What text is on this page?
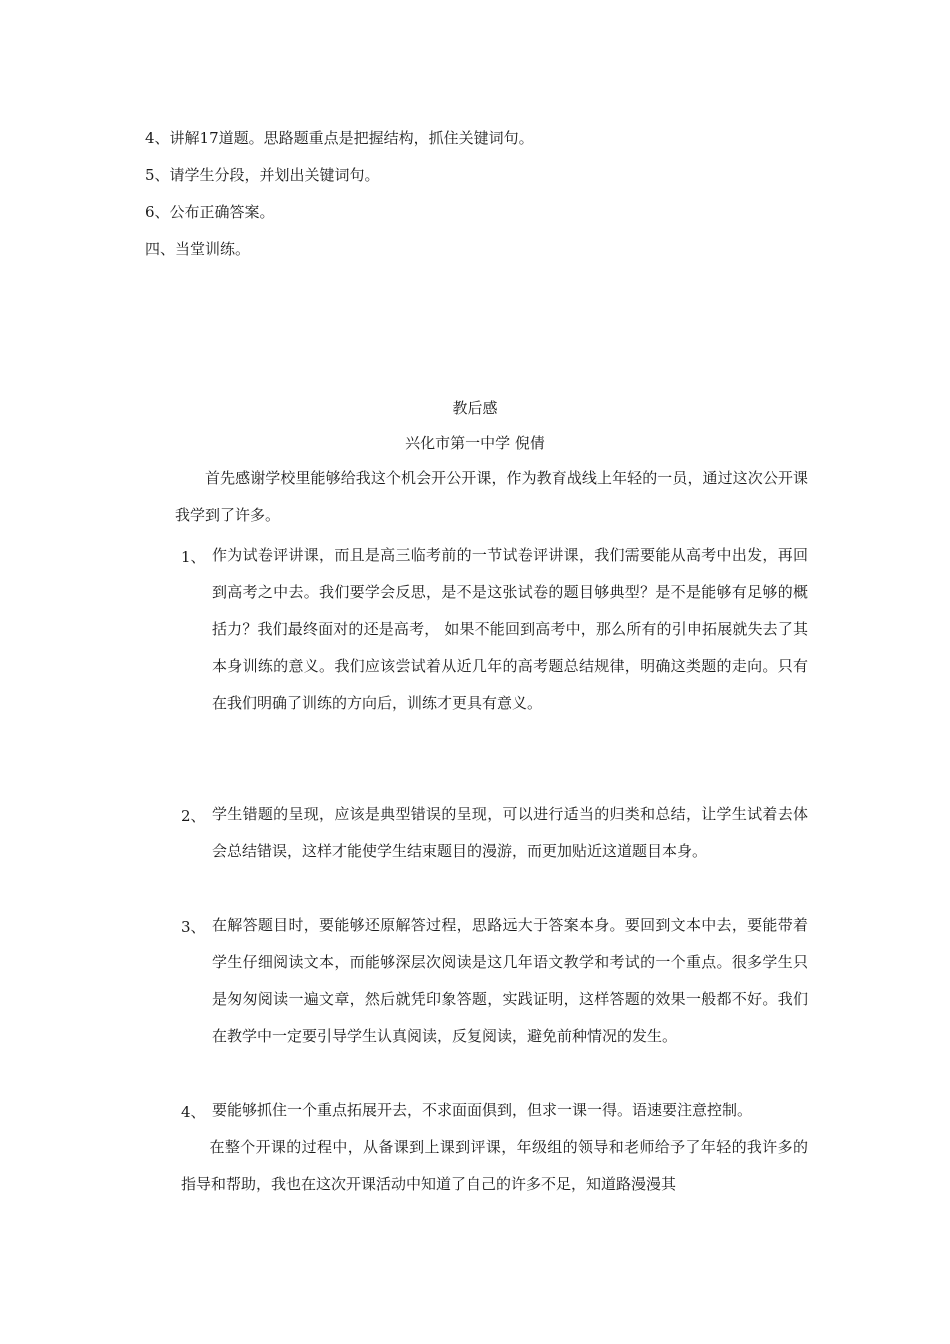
4、讲解17道题。思路题重点是把握结构，抓住关键词句。
5、请学生分段，并划出关键词句。
6、公布正确答案。
四、当堂训练。
教后感
兴化市第一中学 倪倩
首先感谢学校里能够给我这个机会开公开课，作为教育战线上年轻的一员，通过这次公开课我学到了许多。
1、 作为试卷评讲课，而且是高三临考前的一节试卷评讲课，我们需要能从高考中出发，再回到高考之中去。我们要学会反思，是不是这张试卷的题目够典型？是不是能够有足够的概括力？我们最终面对的还是高考， 如果不能回到高考中，那么所有的引申拓展就失去了其本身训练的意义。我们应该尝试着从近几年的高考题总结规律，明确这类题的走向。只有在我们明确了训练的方向后，训练才更具有意义。
2、 学生错题的呈现，应该是典型错误的呈现，可以进行适当的归类和总结，让学生试着去体会总结错误，这样才能使学生结束题目的漫游，而更加贴近这道题目本身。
3、 在解答题目时，要能够还原解答过程，思路远大于答案本身。要回到文本中去，要能带着学生仔细阅读文本，而能够深层次阅读是这几年语文教学和考试的一个重点。很多学生只是匆匆阅读一遍文章，然后就凭印象答题，实践证明，这样答题的效果一般都不好。我们在教学中一定要引导学生认真阅读，反复阅读，避免前种情况的发生。
4、 要能够抓住一个重点拓展开去，不求面面俱到，但求一课一得。语速要注意控制。
在整个开课的过程中，从备课到上课到评课，年级组的领导和老师给予了年轻的我许多的指导和帮助，我也在这次开课活动中知道了自己的许多不足，知道路漫漫其
